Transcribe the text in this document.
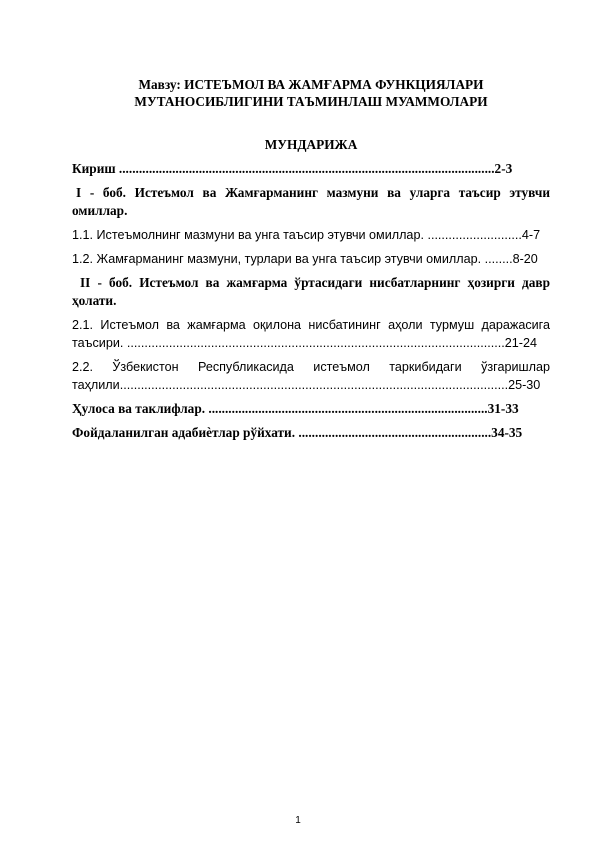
Мавзу: ИСТЕЪМОЛ ВА ЖАМҒАРМА ФУНКЦИЯЛАРИ
МУТАНОСИБЛИГИНИ ТАЪМИНЛАШ МУАММОЛАРИ
МУНДАРИЖА

Кириш .................................................................................................................2-3

I - боб. Истеъмол ва Жамғарманинг мазмуни ва уларга таъсир этувчи

омиллар.

1.1. Истеъмолнинг мазмуни ва унга таъсир этувчи омиллар. ...........................4-7

1.2. Жамғарманинг мазмуни, турлари ва унга таъсир этувчи омиллар. ........8-20

II - боб. Истеъмол ва жамғарма ўртасидаги нисбатларнинг ҳозирги давр

ҳолати.

2.1. Истеъмол ва жамғарма оқилона нисбатининг аҳоли турмуш даражасига

таъсири. ............................................................................................................21-24

2.2. Ўзбекистон Республикасида истеъмол таркибидаги ўзгаришлар

таҳлили...............................................................................................................25-30

Ҳулоса ва таклифлар. ....................................................................................31-33

Фойдаланилган адабиѐтлар рўйхати. ..........................................................34-35

1
